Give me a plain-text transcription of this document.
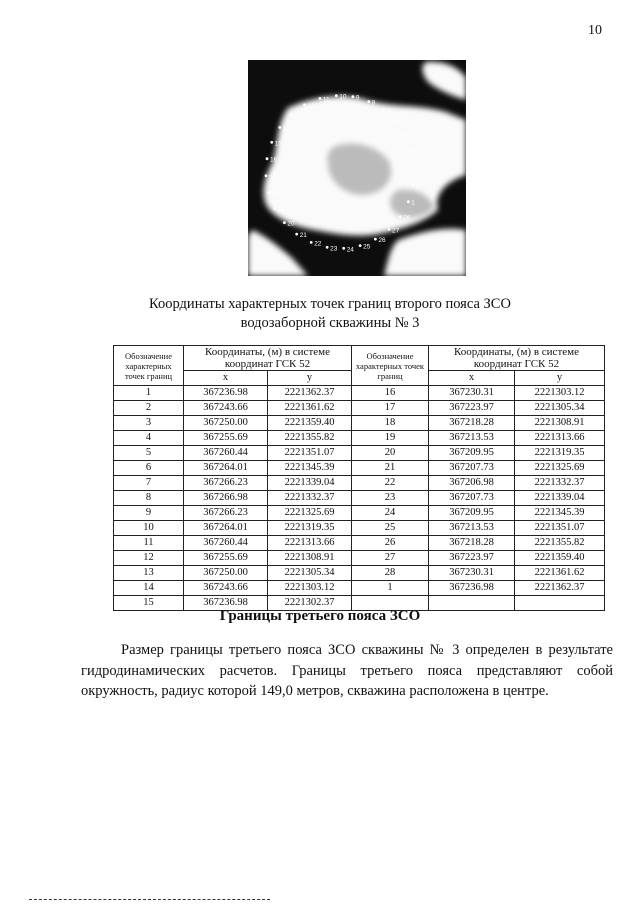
10
9
8
7
6
5
4
3
2
1
28
27
26
25
24
23
22
21
20
19
18
17
16
15
14
13
12
11 10
Координаты характерных точек границ второго пояса ЗСО
водозаборной скважины № 3
Обозначение характерных точек границ	Координаты, (м) в системе координат ГСК 52		Обозначение характерных точек границ	Координаты, (м) в системе координат ГСК 52	
	x	y		x	y
1	367236.98	2221362.37	16	367230.31	2221303.12
2	367243.66	2221361.62	17	367223.97	2221305.34
3	367250.00	2221359.40	18	367218.28	2221308.91
4	367255.69	2221355.82	19	367213.53	2221313.66
5	367260.44	2221351.07	20	367209.95	2221319.35
6	367264.01	2221345.39	21	367207.73	2221325.69
7	367266.23	2221339.04	22	367206.98	2221332.37
8	367266.98	2221332.37	23	367207.73	2221339.04
9	367266.23	2221325.69	24	367209.95	2221345.39
10	367264.01	2221319.35	25	367213.53	2221351.07
11	367260.44	2221313.66	26	367218.28	2221355.82
12	367255.69	2221308.91	27	367223.97	2221359.40
13	367250.00	2221305.34	28	367230.31	2221361.62
14	367243.66	2221303.12	1	367236.98	2221362.37
15	367236.98	2221302.37			
Границы третьего пояса ЗСО

Размер границы третьего пояса ЗСО скважины № 3 определен в результате гидродинамических расчетов. Границы третьего пояса представляют собой окружность, радиус которой 149,0 метров, скважина расположена в центре.
